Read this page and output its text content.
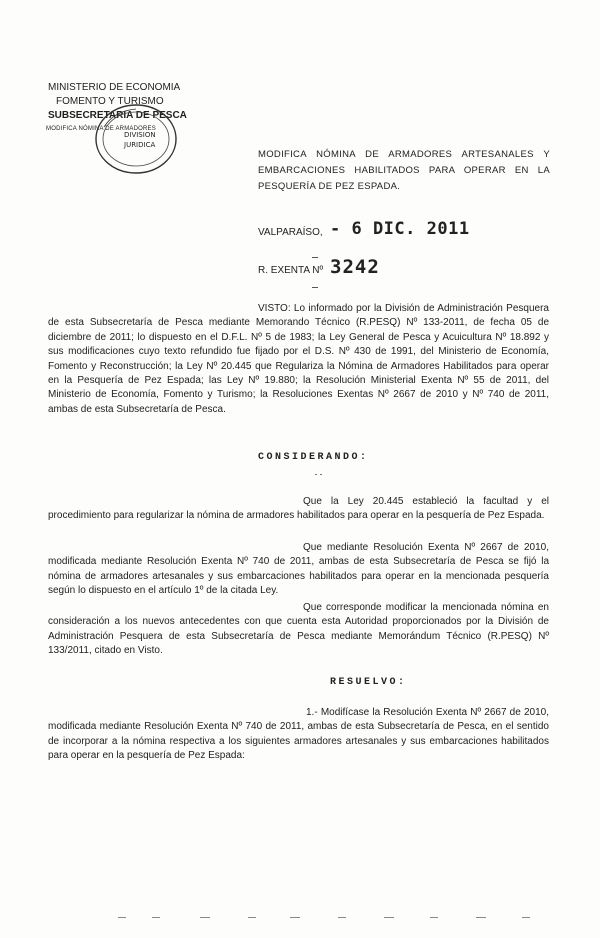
MINISTERIO DE ECONOMIA
FOMENTO Y TURISMO
SUBSECRETARIA DE PESCA
MODIFICA NÓMINA DE ARMADORES
DIVISION
JURIDICA
MODIFICA NÓMINA DE ARMADORES ARTESANALES Y EMBARCACIONES HABILITADOS PARA OPERAR EN LA PESQUERÍA DE PEZ ESPADA.
VALPARAÍSO, - 6 DIC. 2011
R. EXENTA Nº 3242
VISTO: Lo informado por la División de Administración Pesquera de esta Subsecretaría de Pesca mediante Memorando Técnico (R.PESQ) Nº 133-2011, de fecha 05 de diciembre de 2011; lo dispuesto en el D.F.L. Nº 5 de 1983; la Ley General de Pesca y Acuicultura Nº 18.892 y sus modificaciones cuyo texto refundido fue fijado por el D.S. Nº 430 de 1991, del Ministerio de Economía, Fomento y Reconstrucción; la Ley Nº 20.445 que Regulariza la Nómina de Armadores Habilitados para operar en la Pesquería de Pez Espada; las Ley Nº 19.880; la Resolución Ministerial Exenta Nº 55 de 2011, del Ministerio de Economía, Fomento y Turismo; la Resoluciones Exentas Nº 2667 de 2010 y Nº 740 de 2011, ambas de esta Subsecretaría de Pesca.
CONSIDERANDO:
Que la Ley 20.445 estableció la facultad y el procedimiento para regularizar la nómina de armadores habilitados para operar en la pesquería de Pez Espada.
Que mediante Resolución Exenta Nº 2667 de 2010, modificada mediante Resolución Exenta Nº 740 de 2011, ambas de esta Subsecretaría de Pesca se fijó la nómina de armadores artesanales y sus embarcaciones habilitados para operar en la mencionada pesquería según lo dispuesto en el artículo 1º de la citada Ley.
Que corresponde modificar la mencionada nómina en consideración a los nuevos antecedentes con que cuenta esta Autoridad proporcionados por la División de Administración Pesquera de esta Subsecretaría de Pesca mediante Memorándum Técnico (R.PESQ) Nº 133/2011, citado en Visto.
RESUELVO:
1.- Modifícase la Resolución Exenta Nº 2667 de 2010, modificada mediante Resolución Exenta Nº 740 de 2011, ambas de esta Subsecretaría de Pesca, en el sentido de incorporar a la nómina respectiva a los siguientes armadores artesanales y sus embarcaciones habilitados para operar en la pesquería de Pez Espada:
